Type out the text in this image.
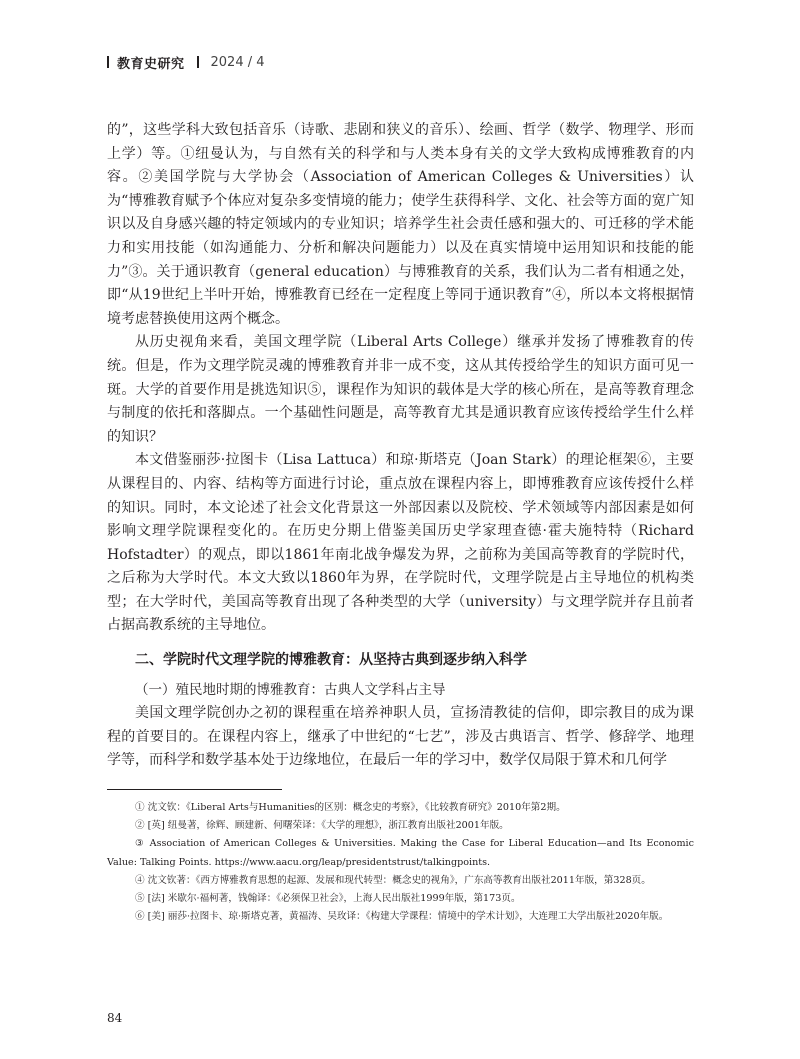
教育史研究 2024 / 4

的”，这些学科大致包括音乐（诗歌、悲剧和狭义的音乐）、绘画、哲学（数学、物理学、形而上学）等。①纽曼认为，与自然有关的科学和与人类本身有关的文学大致构成博雅教育的内容。②美国学院与大学协会（Association of American Colleges & Universities）认为“博雅教育赋予个体应对复杂多变情境的能力；使学生获得科学、文化、社会等方面的宽广知识以及自身感兴趣的特定领域内的专业知识；培养学生社会责任感和强大的、可迁移的学术能力和实用技能（如沟通能力、分析和解决问题能力）以及在真实情境中运用知识和技能的能力”③。关于通识教育（general education）与博雅教育的关系，我们认为二者有相通之处，即“从19世纪上半叶开始，博雅教育已经在一定程度上等同于通识教育”④，所以本文将根据情境考虑替换使用这两个概念。

从历史视角来看，美国文理学院（Liberal Arts College）继承并发扬了博雅教育的传统。但是，作为文理学院灵魂的博雅教育并非一成不变，这从其传授给学生的知识方面可见一斑。大学的首要作用是挑选知识⑤，课程作为知识的载体是大学的核心所在，是高等教育理念与制度的依托和落脚点。一个基础性问题是，高等教育尤其是通识教育应该传授给学生什么样的知识？

本文借鉴丽莎·拉图卡（Lisa Lattuca）和琼·斯塔克（Joan Stark）的理论框架⑥，主要从课程目的、内容、结构等方面进行讨论，重点放在课程内容上，即博雅教育应该传授什么样的知识。同时，本文论述了社会文化背景这一外部因素以及院校、学术领域等内部因素是如何影响文理学院课程变化的。在历史分期上借鉴美国历史学家理查德·霍夫施特特（Richard Hofstadter）的观点，即以1861年南北战争爆发为界，之前称为美国高等教育的学院时代，之后称为大学时代。本文大致以1860年为界，在学院时代，文理学院是占主导地位的机构类型；在大学时代，美国高等教育出现了各种类型的大学（university）与文理学院并存且前者占据高教系统的主导地位。

二、学院时代文理学院的博雅教育：从坚持古典到逐步纳入科学
（一）殖民地时期的博雅教育：古典人文学科占主导

美国文理学院创办之初的课程重在培养神职人员，宣扬清教徒的信仰，即宗教目的成为课程的首要目的。在课程内容上，继承了中世纪的“七艺”，涉及古典语言、哲学、修辞学、地理学等，而科学和数学基本处于边缘地位，在最后一年的学习中，数学仅局限于算术和几何学

① 沈文钦：《Liberal Arts与Humanities的区别：概念史的考察》，《比较教育研究》2010年第2期。

② [英] 纽曼著，徐辉、顾建新、何曙荣译：《大学的理想》，浙江教育出版社2001年版。

③ Association of American Colleges & Universities. Making the Case for Liberal Education—and Its Economic Value: Talking Points. https://www.aacu.org/leap/presidentstrust/talkingpoints.

④ 沈文钦著：《西方博雅教育思想的起源、发展和现代转型：概念史的视角》，广东高等教育出版社2011年版，第328页。

⑤ [法] 米歇尔·福柯著，钱翰译：《必须保卫社会》，上海人民出版社1999年版，第173页。

⑥ [美] 丽莎·拉图卡、琼·斯塔克著，黄福涛、吴玫译：《构建大学课程：情境中的学术计划》，大连理工大学出版社2020年版。

84
